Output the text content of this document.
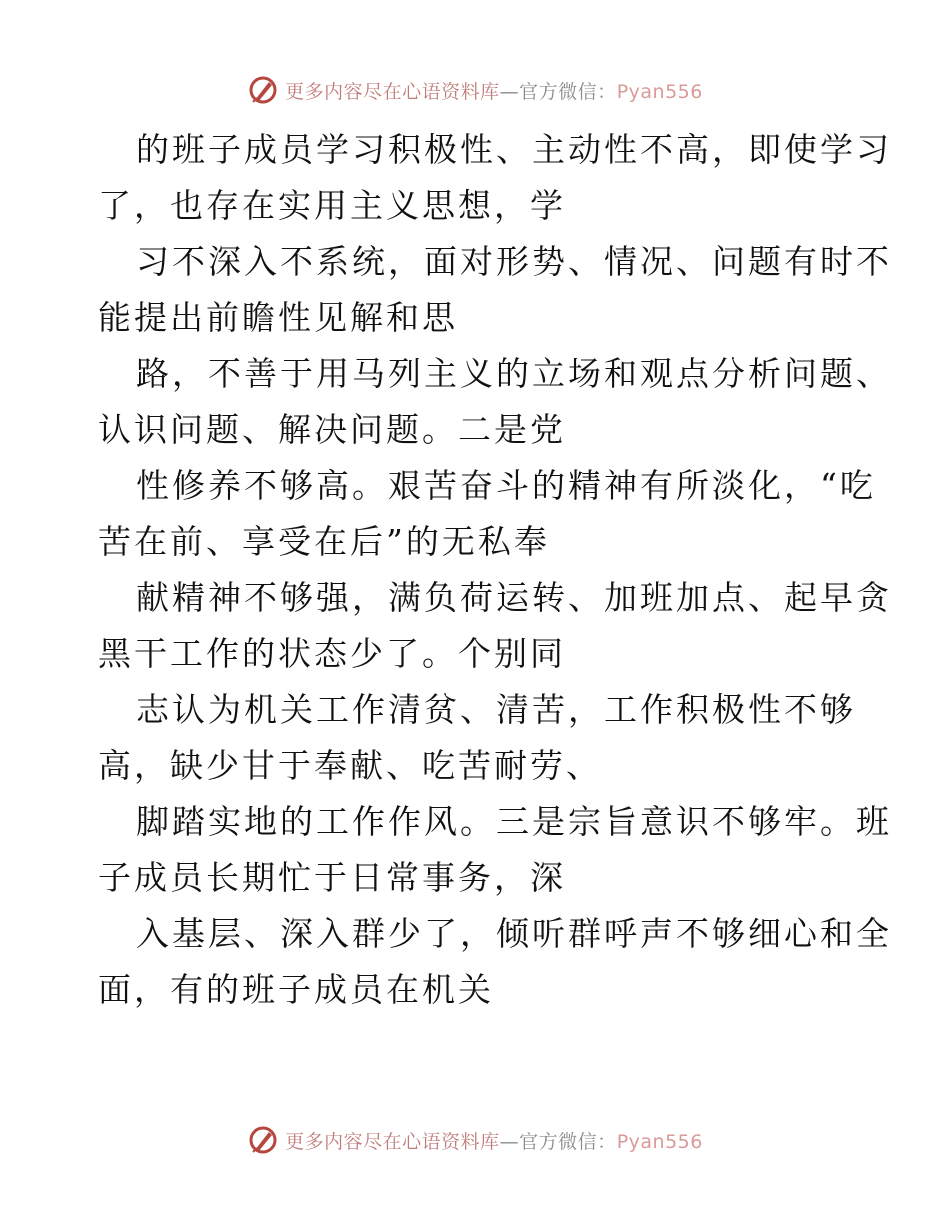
更多内容尽在心语资料库—官方微信：Pyan556

的班子成员学习积极性、主动性不高，即使学习
了，也存在实用主义思想，学

习不深入不系统，面对形势、情况、问题有时不
能提出前瞻性见解和思

路，不善于用马列主义的立场和观点分析问题、
认识问题、解决问题。二是党

性修养不够高。艰苦奋斗的精神有所淡化，“吃
苦在前、享受在后”的无私奉

献精神不够强，满负荷运转、加班加点、起早贪
黑干工作的状态少了。个别同

志认为机关工作清贫、清苦，工作积极性不够
高，缺少甘于奉献、吃苦耐劳、

脚踏实地的工作作风。三是宗旨意识不够牢。班
子成员长期忙于日常事务，深

入基层、深入群少了，倾听群呼声不够细心和全
面，有的班子成员在机关

更多内容尽在心语资料库—官方微信：Pyan556
